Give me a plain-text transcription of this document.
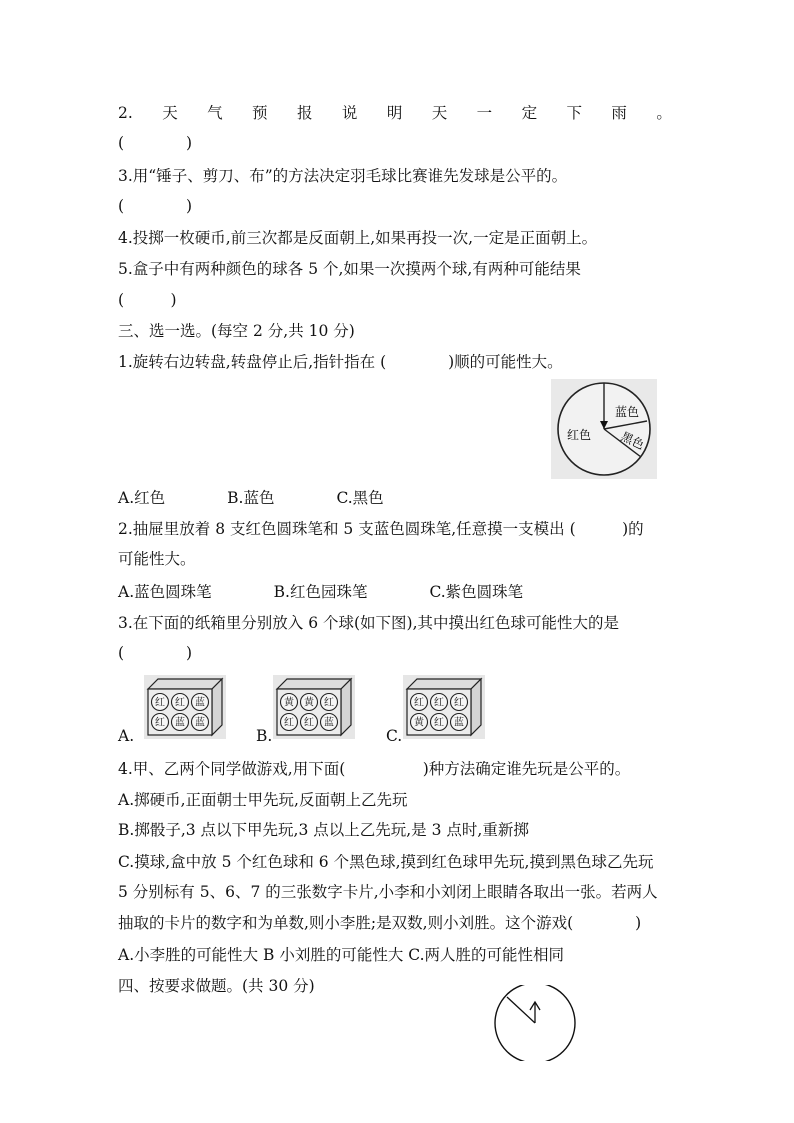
2. 天 气 预 报 说 明 天 一 定 下 雨 。
(　　　　)
3.用“锤子、剪刀、布”的方法决定羽毛球比赛谁先发球是公平的。
(　　　　)
4.投掷一枚硬币,前三次都是反面朝上,如果再投一次,一定是正面朝上。
5.盒子中有两种颜色的球各 5 个,如果一次摸两个球,有两种可能结果
(　　　)
三、选一选。(每空 2 分,共 10 分)
1.旋转右边转盘,转盘停止后,指针指在 (　　　　)顺的可能性大。
蓝色
红色 黑色
A.红色　　　　B.蓝色　　　　C.黑色
2.抽屉里放着 8 支红色圆珠笔和 5 支蓝色圆珠笔,任意摸一支模出 (　　　)的
可能性大。
A.蓝色圆珠笔　　　　B.红色园珠笔　　　　C.紫色圆珠笔
3.在下面的纸箱里分别放入 6 个球(如下图),其中摸出红色球可能性大的是
(　　　　)
A.
红 红 蓝
红 蓝 蓝
B.
黄 黄 红
红 红 蓝
C.
红 红 红
黄 红 蓝
4.甲、乙两个同学做游戏,用下面(　　　　　)种方法确定谁先玩是公平的。
A.掷硬币,正面朝士甲先玩,反面朝上乙先玩
B.掷骰子,3 点以下甲先玩,3 点以上乙先玩,是 3 点时,重新掷
C.摸球,盒中放 5 个红色球和 6 个黑色球,摸到红色球甲先玩,摸到黑色球乙先玩
5 分别标有 5、6、7 的三张数字卡片,小李和小刘闭上眼睛各取出一张。若两人
抽取的卡片的数字和为单数,则小李胜;是双数,则小刘胜。这个游戏(　　　　)
A.小李胜的可能性大 B 小刘胜的可能性大 C.两人胜的可能性相同
四、按要求做题。(共 30 分)
